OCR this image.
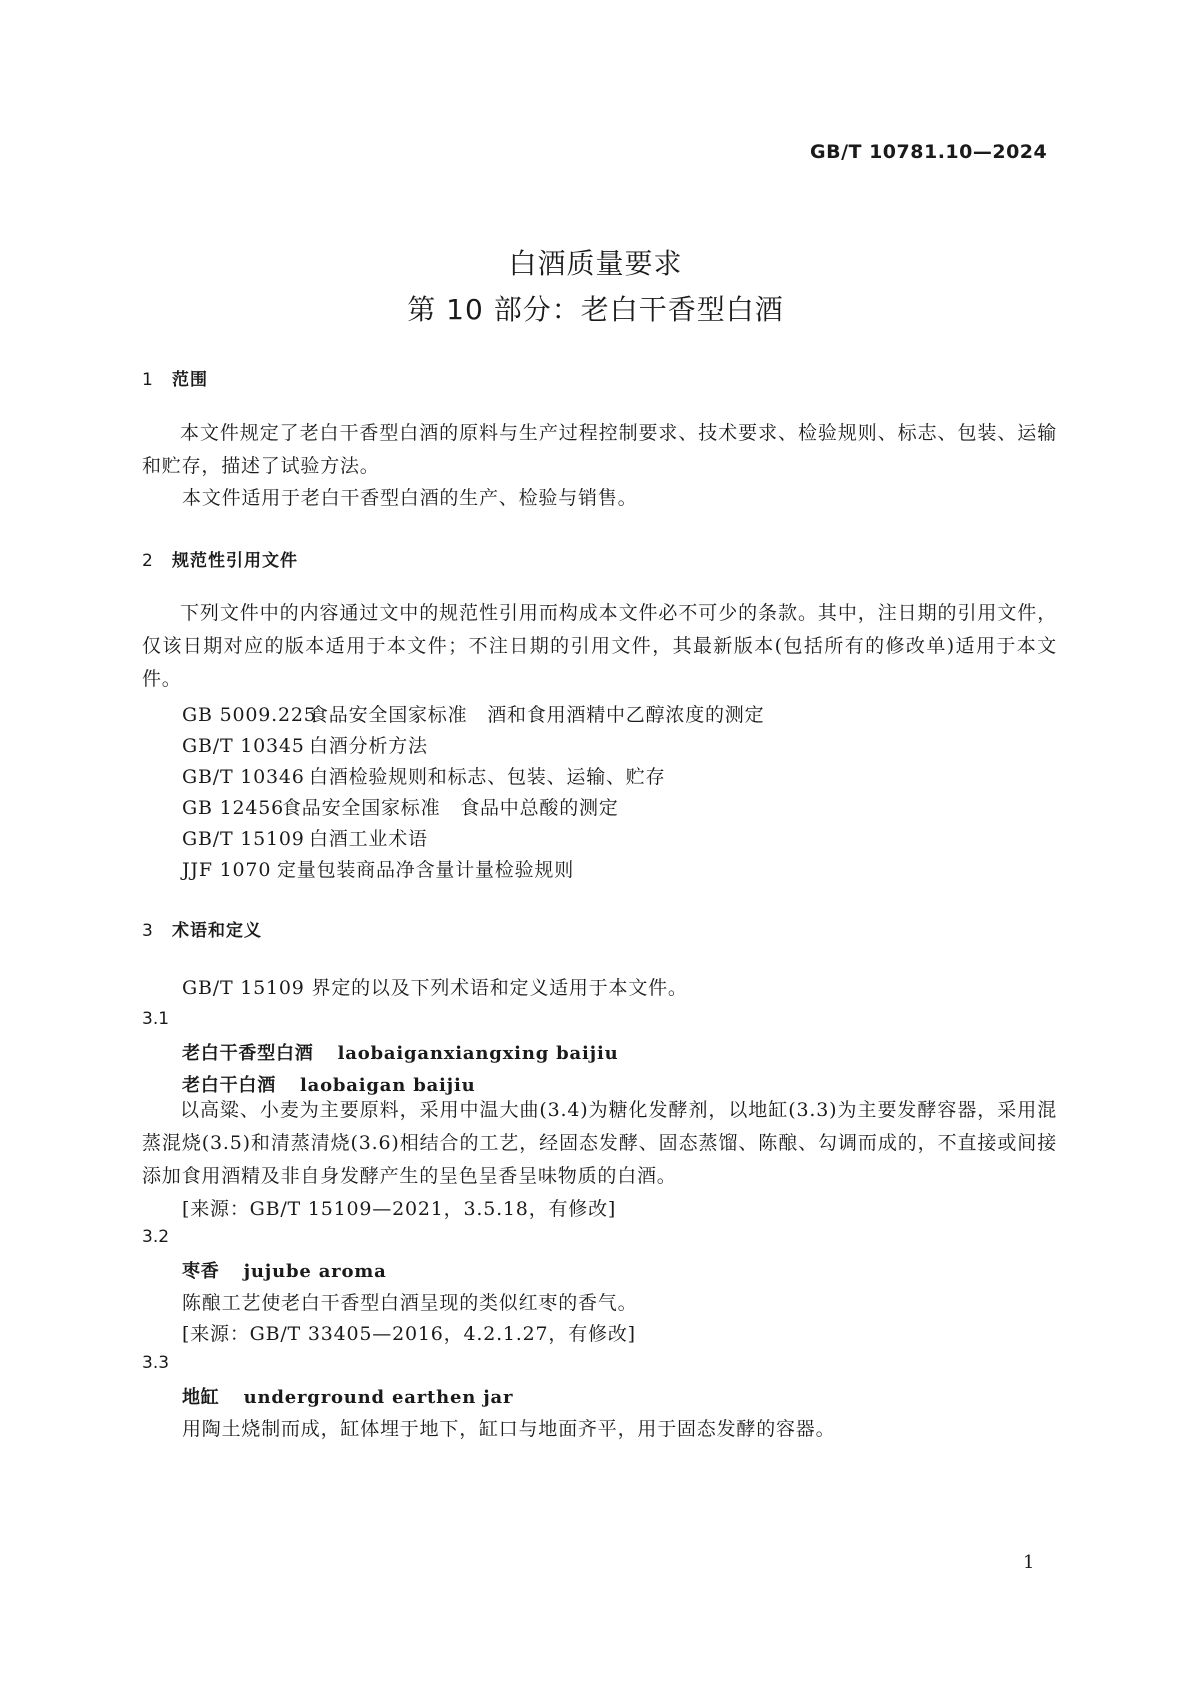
GB/T 10781.10—2024
白酒质量要求
第 10 部分：老白干香型白酒
1 范围
本文件规定了老白干香型白酒的原料与生产过程控制要求、技术要求、检验规则、标志、包装、运输和贮存，描述了试验方法。
本文件适用于老白干香型白酒的生产、检验与销售。
2 规范性引用文件
下列文件中的内容通过文中的规范性引用而构成本文件必不可少的条款。其中，注日期的引用文件，仅该日期对应的版本适用于本文件；不注日期的引用文件，其最新版本(包括所有的修改单)适用于本文件。
GB 5009.225食品安全国家标准　酒和食用酒精中乙醇浓度的测定
GB/T 10345 白酒分析方法
GB/T 10346 白酒检验规则和标志、包装、运输、贮存
GB 12456食品安全国家标准　食品中总酸的测定
GB/T 15109 白酒工业术语
JJF 1070 定量包装商品净含量计量检验规则
3 术语和定义
GB/T 15109 界定的以及下列术语和定义适用于本文件。
3.1
老白干香型白酒 laobaiganxiangxing baijiu
老白干白酒 laobaigan baijiu
以高粱、小麦为主要原料，采用中温大曲(3.4)为糖化发酵剂，以地缸(3.3)为主要发酵容器，采用混蒸混烧(3.5)和清蒸清烧(3.6)相结合的工艺，经固态发酵、固态蒸馏、陈酿、勾调而成的，不直接或间接添加食用酒精及非自身发酵产生的呈色呈香呈味物质的白酒。
[来源：GB/T 15109—2021，3.5.18，有修改]
3.2
枣香 jujube aroma
陈酿工艺使老白干香型白酒呈现的类似红枣的香气。
[来源：GB/T 33405—2016，4.2.1.27，有修改]
3.3
地缸 underground earthen jar
用陶土烧制而成，缸体埋于地下，缸口与地面齐平，用于固态发酵的容器。
1
